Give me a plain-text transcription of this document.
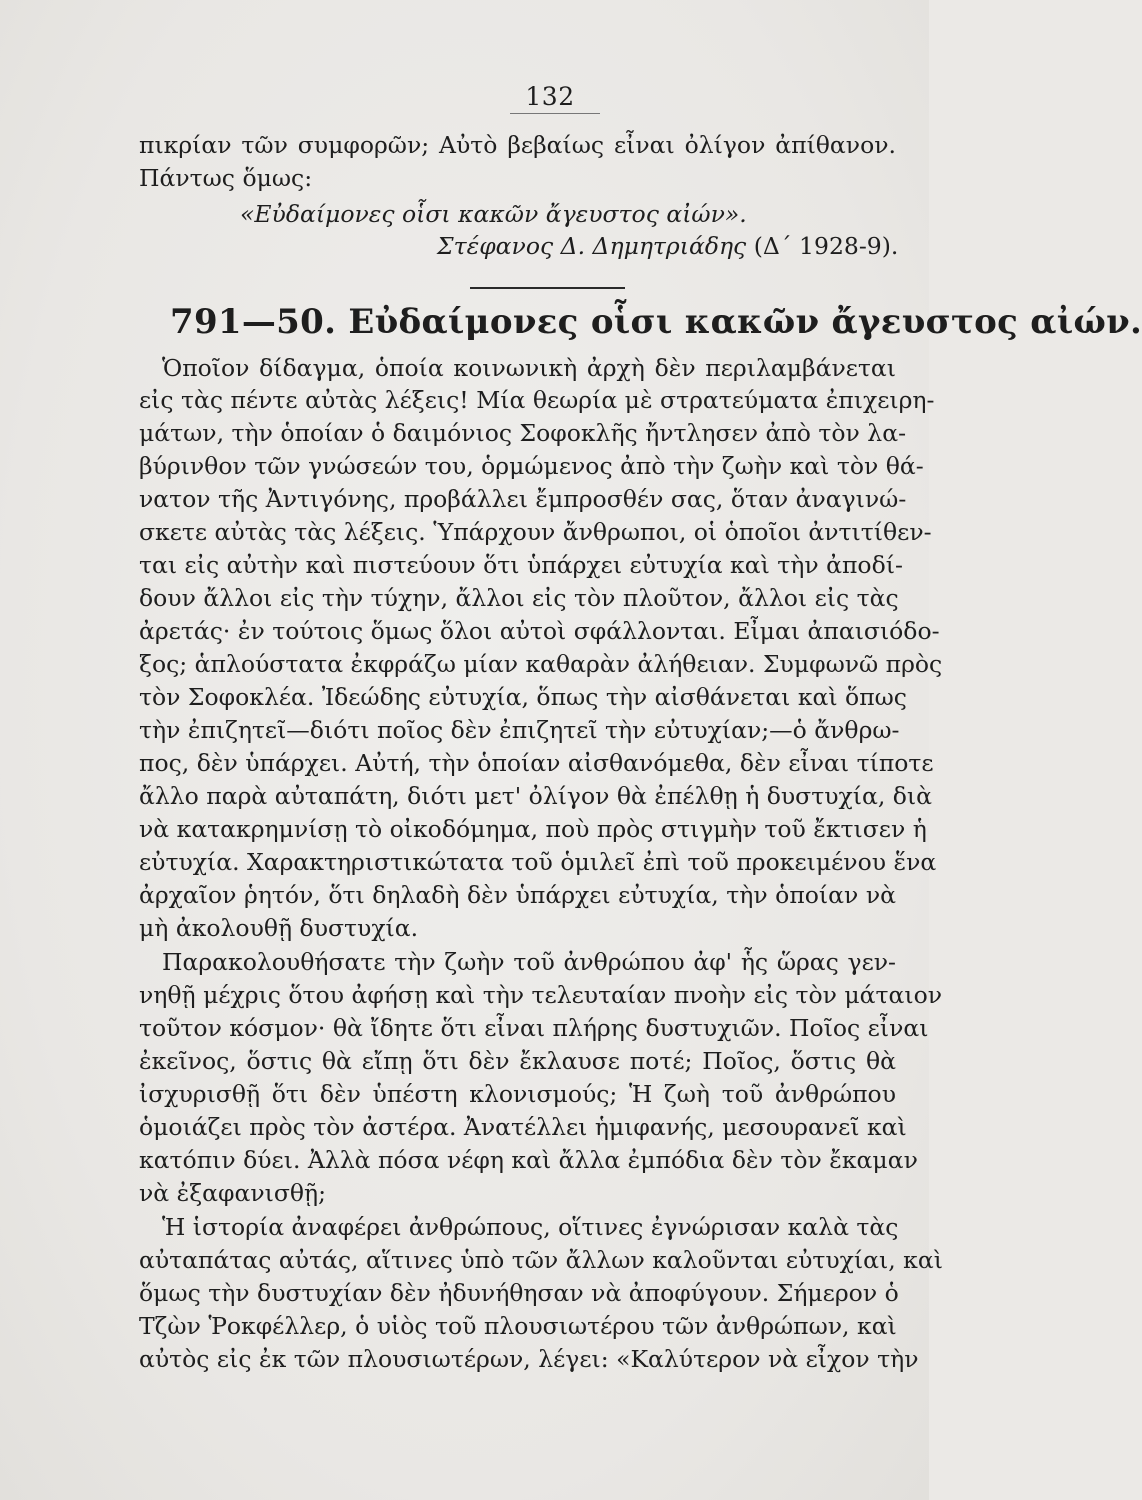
132
πικρίαν τῶν συμφορῶν; Αὐτὸ βεβαίως εἶναι ὀλίγον ἀπίθανον.
Πάντως ὅμως:
«Εὐδαίμονες οἷσι κακῶν ἄγευστος αἰών».
Στέφανος Δ. Δημητριάδης (Δ΄ 1928-9).
791—50. Εὐδαίμονες οἷσι κακῶν ἄγευστος αἰών.
Ὁποῖον δίδαγμα, ὁποία κοινωνικὴ ἀρχὴ δὲν περιλαμβάνεται
εἰς τὰς πέντε αὐτὰς λέξεις! Μία θεωρία μὲ στρατεύματα ἐπιχειρη-
μάτων, τὴν ὁποίαν ὁ δαιμόνιος Σοφοκλῆς ἤντλησεν ἀπὸ τὸν λα-
βύρινθον τῶν γνώσεών του, ὁρμώμενος ἀπὸ τὴν ζωὴν καὶ τὸν θά-
νατον τῆς Ἀντιγόνης, προβάλλει ἔμπροσθέν σας, ὅταν ἀναγινώ-
σκετε αὐτὰς τὰς λέξεις. Ὑπάρχουν ἄνθρωποι, οἱ ὁποῖοι ἀντιτίθεν-
ται εἰς αὐτὴν καὶ πιστεύουν ὅτι ὑπάρχει εὐτυχία καὶ τὴν ἀποδί-
δουν ἄλλοι εἰς τὴν τύχην, ἄλλοι εἰς τὸν πλοῦτον, ἄλλοι εἰς τὰς
ἀρετάς· ἐν τούτοις ὅμως ὅλοι αὐτοὶ σφάλλονται. Εἶμαι ἀπαισιόδο-
ξος; ἁπλούστατα ἐκφράζω μίαν καθαρὰν ἀλήθειαν. Συμφωνῶ πρὸς
τὸν Σοφοκλέα. Ἰδεώδης εὐτυχία, ὅπως τὴν αἰσθάνεται καὶ ὅπως
τὴν ἐπιζητεῖ—διότι ποῖος δὲν ἐπιζητεῖ τὴν εὐτυχίαν;—ὁ ἄνθρω-
πος, δὲν ὑπάρχει. Αὐτή, τὴν ὁποίαν αἰσθανόμεθα, δὲν εἶναι τίποτε
ἄλλο παρὰ αὐταπάτη, διότι μετ' ὀλίγον θὰ ἐπέλθῃ ἡ δυστυχία, διὰ
νὰ κατακρημνίσῃ τὸ οἰκοδόμημα, ποὺ πρὸς στιγμὴν τοῦ ἔκτισεν ἡ
εὐτυχία. Χαρακτηριστικώτατα τοῦ ὁμιλεῖ ἐπὶ τοῦ προκειμένου ἕνα
ἀρχαῖον ῥητόν, ὅτι δηλαδὴ δὲν ὑπάρχει εὐτυχία, τὴν ὁποίαν νὰ
μὴ ἀκολουθῇ δυστυχία.
Παρακολουθήσατε τὴν ζωὴν τοῦ ἀνθρώπου ἀφ' ἧς ὥρας γεν-
νηθῇ μέχρις ὅτου ἀφήσῃ καὶ τὴν τελευταίαν πνοὴν εἰς τὸν μάταιον
τοῦτον κόσμον· θὰ ἴδητε ὅτι εἶναι πλήρης δυστυχιῶν. Ποῖος εἶναι
ἐκεῖνος, ὅστις θὰ εἴπῃ ὅτι δὲν ἔκλαυσε ποτέ; Ποῖος, ὅστις θὰ
ἰσχυρισθῇ ὅτι δὲν ὑπέστη κλονισμούς; Ἡ ζωὴ τοῦ ἀνθρώπου
ὁμοιάζει πρὸς τὸν ἀστέρα. Ἀνατέλλει ἡμιφανής, μεσουρανεῖ καὶ
κατόπιν δύει. Ἀλλὰ πόσα νέφη καὶ ἄλλα ἐμπόδια δὲν τὸν ἔκαμαν
νὰ ἐξαφανισθῇ;
Ἡ ἱστορία ἀναφέρει ἀνθρώπους, οἵτινες ἐγνώρισαν καλὰ τὰς
αὐταπάτας αὐτάς, αἵτινες ὑπὸ τῶν ἄλλων καλοῦνται εὐτυχίαι, καὶ
ὅμως τὴν δυστυχίαν δὲν ἠδυνήθησαν νὰ ἀποφύγουν. Σήμερον ὁ
Τζὼν Ῥοκφέλλερ, ὁ υἱὸς τοῦ πλουσιωτέρου τῶν ἀνθρώπων, καὶ
αὐτὸς εἰς ἐκ τῶν πλουσιωτέρων, λέγει: «Καλύτερον νὰ εἶχον τὴν
